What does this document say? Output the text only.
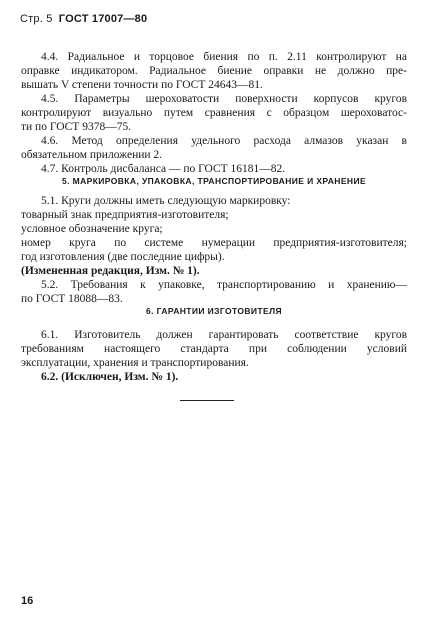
Стр. 5 ГОСТ 17007—80
4.4. Радиальное и торцовое биения по п. 2.11 контролируют на
оправке индикатором. Радиальное биение оправки не должно пре-
вышать V степени точности по ГОСТ 24643—81.
4.5. Параметры шероховатости поверхности корпусов кругов
контролируют визуально путем сравнения с образцом шероховатос-
ти по ГОСТ 9378—75.
4.6. Метод определения удельного расхода алмазов указан в
обязательном приложении 2.
4.7. Контроль дисбаланса — по ГОСТ 16181—82.
5. МАРКИРОВКА, УПАКОВКА, ТРАНСПОРТИРОВАНИЕ И ХРАНЕНИЕ
5.1. Круги должны иметь следующую маркировку:
товарный знак предприятия-изготовителя;
условное обозначение круга;
номер круга по системе нумерации предприятия-изготовителя;
год изготовления (две последние цифры).
(Измененная редакция, Изм. № 1).
5.2. Требования к упаковке, транспортированию и хранению—
по ГОСТ 18088—83.
6. ГАРАНТИИ ИЗГОТОВИТЕЛЯ
6.1. Изготовитель должен гарантировать соответствие кругов
требованиям настоящего стандарта при соблюдении условий
эксплуатации, хранения и транспортирования.
6.2. (Исключен, Изм. № 1).
16
